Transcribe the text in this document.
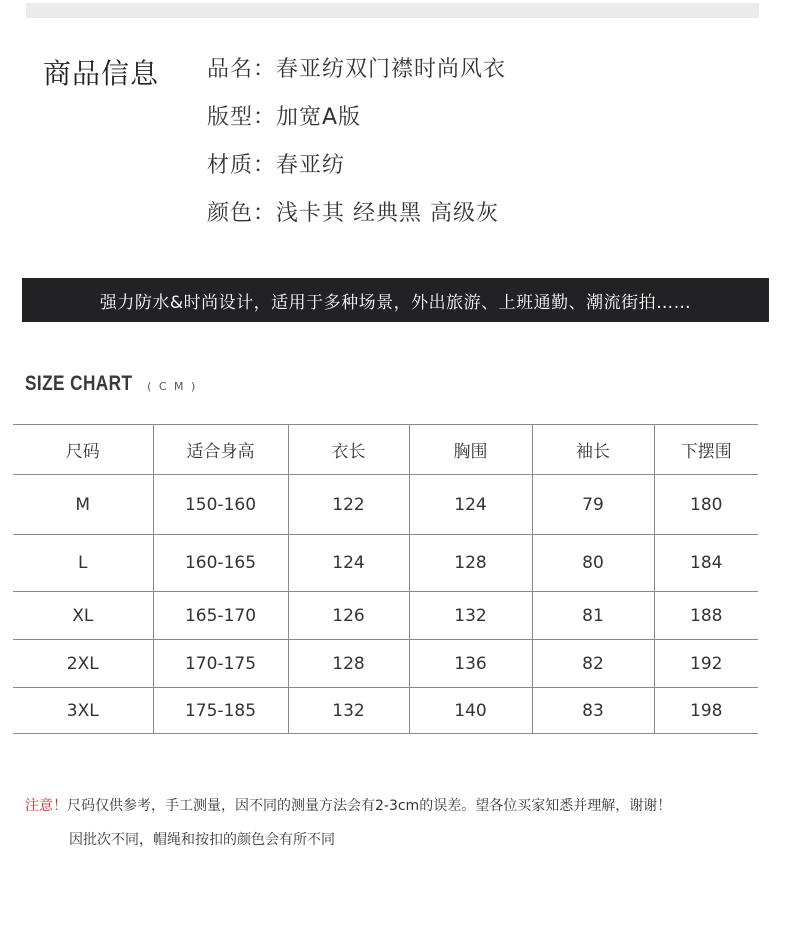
商品信息 品名：春亚纺双门襟时尚风衣
版型：加宽A版
材质：春亚纺
颜色：浅卡其 经典黑 高级灰
强力防水&时尚设计，适用于多种场景，外出旅游、上班通勤、潮流街拍……
SIZE CHART ( C M )
尺码	适合身高	衣长	胸围	袖长	下摆围
M	150-160	122	124	79	180
L	160-165	124	128	80	184
XL	165-170	126	132	81	188
2XL	170-175	128	136	82	192
3XL	175-185	132	140	83	198
注意！尺码仅供参考，手工测量，因不同的测量方法会有2-3cm的误差。望各位买家知悉并理解，谢谢！
因批次不同，帽绳和按扣的颜色会有所不同
